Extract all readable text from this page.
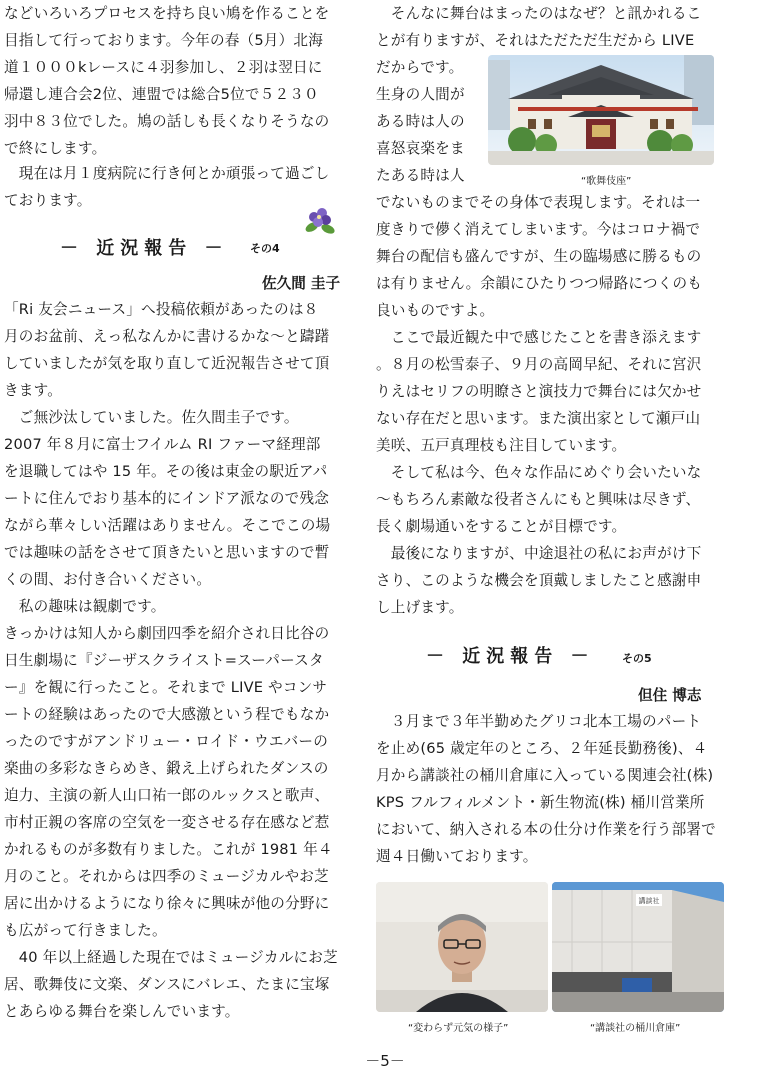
などいろいろプロセスを持ち良い鳩を作ることを
目指して行っております。今年の春（5月）北海
道１０００kレースに４羽参加し、２羽は翌日に
帰還し連合会2位、連盟では総合5位で５２３０
羽中８３位でした。鳩の話しも長くなりそうなの
で終にします。
　現在は月１度病院に行き何とか頑張って過ごし
ております。
－ 近況報告 － その4
佐久間 圭子
「Ri 友会ニュース」へ投稿依頼があったのは８
月のお盆前、えっ私なんかに書けるかな～と躊躇
していましたが気を取り直して近況報告させて頂
きます。
　ご無沙汰していました。佐久間圭子です。
2007 年８月に富士フイルム RI ファーマ経理部
を退職してはや 15 年。その後は東金の駅近アパ
ートに住んでおり基本的にインドア派なので残念
ながら華々しい活躍はありません。そこでこの場
では趣味の話をさせて頂きたいと思いますので暫
くの間、お付き合いください。
　私の趣味は観劇です。
きっかけは知人から劇団四季を紹介され日比谷の
日生劇場に『ジーザスクライスト=スーパースタ
ー』を観に行ったこと。それまで LIVE やコンサ
ートの経験はあったので大感激という程でもなか
ったのですがアンドリュー・ロイド・ウエバーの
楽曲の多彩なきらめき、鍛え上げられたダンスの
迫力、主演の新人山口祐一郎のルックスと歌声、
市村正親の客席の空気を一変させる存在感など惹
かれるものが多数有りました。これが 1981 年４
月のこと。それからは四季のミュージカルやお芝
居に出かけるようになり徐々に興味が他の分野に
も広がって行きました。
　40 年以上経過した現在ではミュージカルにお芝
居、歌舞伎に文楽、ダンスにバレエ、たまに宝塚
とあらゆる舞台を楽しんでいます。
　そんなに舞台はまったのはなぜ？と訊かれるこ
とが有りますが、それはただただ生だから LIVE
だからです。
生身の人間が
ある時は人の
喜怒哀楽をま
たある時は人	“歌舞伎座”
でないものまでその身体で表現します。それは一
度きりで儚く消えてしまいます。今はコロナ禍で
舞台の配信も盛んですが、生の臨場感に勝るもの
は有りません。余韻にひたりつつ帰路につくのも
良いものですよ。
　ここで最近観た中で感じたことを書き添えます
。８月の松雪泰子、９月の高岡早紀、それに宮沢
りえはセリフの明瞭さと演技力で舞台には欠かせ
ない存在だと思います。また演出家として瀬戸山
美咲、五戸真理枝も注目しています。
　そして私は今、色々な作品にめぐり会いたいな
～もちろん素敵な役者さんにもと興味は尽きず、
長く劇場通いをすることが目標です。
　最後になりますが、中途退社の私にお声がけ下
さり、このような機会を頂戴しましたこと感謝申
し上げます。
－ 近況報告 － その5
但住 博志
　３月まで３年半勤めたグリコ北本工場のパート
を止め(65 歳定年のところ、２年延長勤務後)、４
月から講談社の桶川倉庫に入っている関連会社(株)
KPS フルフィルメント・新生物流(株) 桶川営業所
において、納入される本の仕分け作業を行う部署で
週４日働いております。
講談社
“変わらず元気の様子”	“講談社の桶川倉庫”
－5－
